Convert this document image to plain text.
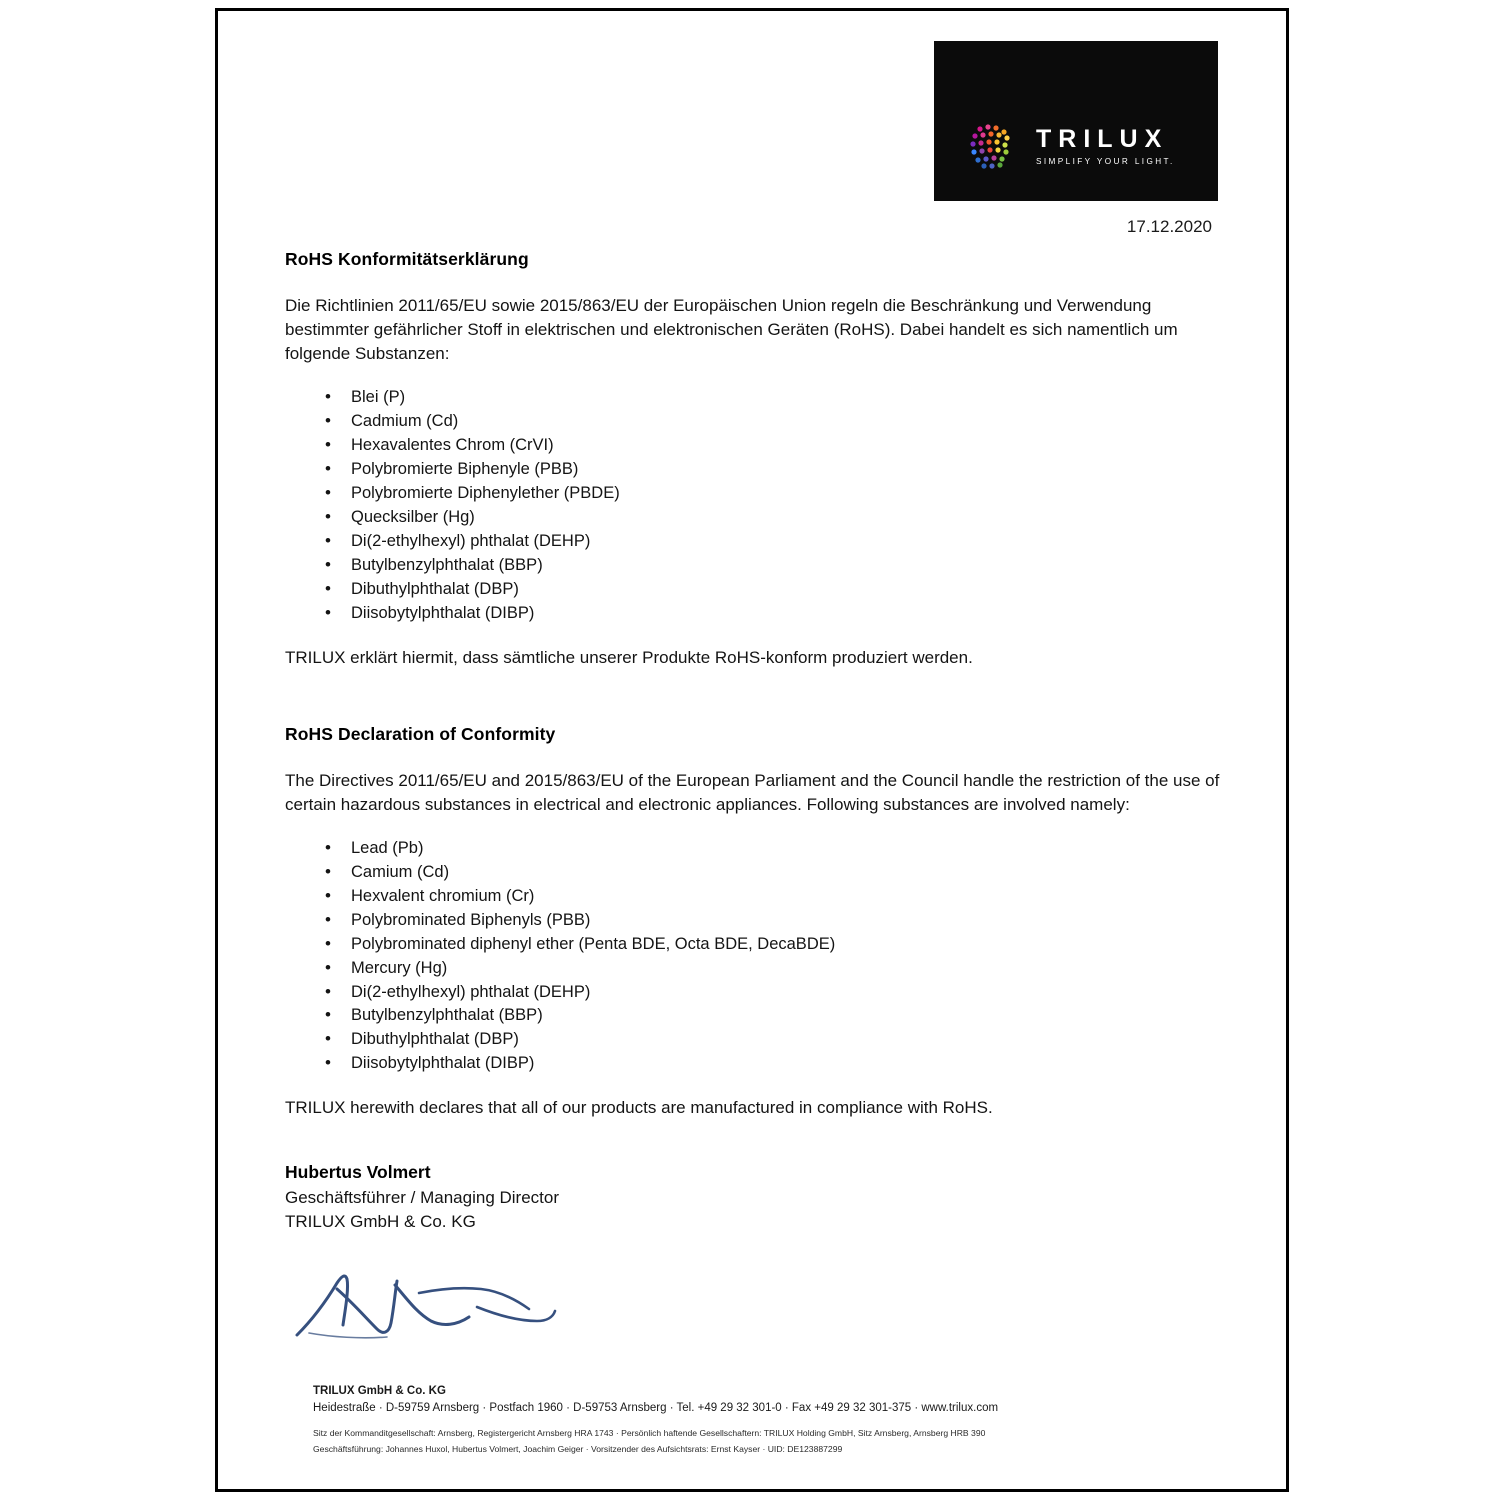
TRILUX
SIMPLIFY YOUR LIGHT.
17.12.2020
RoHS Konformitätserklärung

Die Richtlinien 2011/65/EU sowie 2015/863/EU der Europäischen Union regeln die Beschränkung und Verwendung bestimmter gefährlicher Stoff in elektrischen und elektronischen Geräten (RoHS). Dabei handelt es sich namentlich um folgende Substanzen:

• Blei (P)
• Cadmium (Cd)
• Hexavalentes Chrom (CrVI)
• Polybromierte Biphenyle (PBB)
• Polybromierte Diphenylether (PBDE)
• Quecksilber (Hg)
• Di(2-ethylhexyl) phthalat (DEHP)
• Butylbenzylphthalat (BBP)
• Dibuthylphthalat (DBP)
• Diisobytylphthalat (DIBP)

TRILUX erklärt hiermit, dass sämtliche unserer Produkte RoHS-konform produziert werden.

RoHS Declaration of Conformity

The Directives 2011/65/EU and 2015/863/EU of the European Parliament and the Council handle the restriction of the use of certain hazardous substances in electrical and electronic appliances. Following substances are involved namely:

• Lead (Pb)
• Camium (Cd)
• Hexvalent chromium (Cr)
• Polybrominated Biphenyls (PBB)
• Polybrominated diphenyl ether (Penta BDE, Octa BDE, DecaBDE)
• Mercury (Hg)
• Di(2-ethylhexyl) phthalat (DEHP)
• Butylbenzylphthalat (BBP)
• Dibuthylphthalat (DBP)
• Diisobytylphthalat (DIBP)

TRILUX herewith declares that all of our products are manufactured in compliance with RoHS.

Hubertus Volmert
Geschäftsführer / Managing Director
TRILUX GmbH & Co. KG
TRILUX GmbH & Co. KG
Heidestraße · D-59759 Arnsberg · Postfach 1960 · D-59753 Arnsberg · Tel. +49 29 32 301-0 · Fax +49 29 32 301-375 · www.trilux.com
Sitz der Kommanditgesellschaft: Arnsberg, Registergericht Arnsberg HRA 1743 · Persönlich haftende Gesellschaftern: TRILUX Holding GmbH, Sitz Arnsberg, Arnsberg HRB 390
Geschäftsführung: Johannes Huxol, Hubertus Volmert, Joachim Geiger · Vorsitzender des Aufsichtsrats: Ernst Kayser · UID: DE123887299
